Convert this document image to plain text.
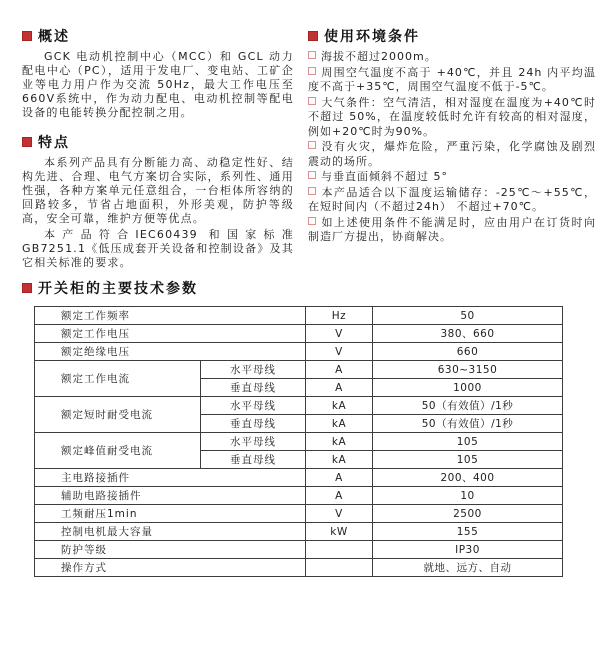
概述

GCK 电动机控制中心（MCC）和 GCL 动力配电中心（PC），适用于发电厂、变电站、工矿企业等电力用户作为交流 50Hz，最大工作电压至660V系统中，作为动力配电、电动机控制等配电设备的电能转换分配控制之用。

特点

本系列产品具有分断能力高、动稳定性好、结构先进、合理、电气方案切合实际，系列性、通用性强，各种方案单元任意组合，一台柜体所容纳的回路较多，节省占地面积，外形美观，防护等级高，安全可靠，维护方便等优点。

本产品符合IEC60439 和国家标准 GB7251.1《低压成套开关设备和控制设备》及其它相关标准的要求。

使用环境条件

海拔不超过2000m。

周围空气温度不高于 +40℃，并且 24h 内平均温度不高于+35℃，周围空气温度不低于-5℃。

大气条件：空气清洁，相对湿度在温度为+40℃时不超过 50%，在温度较低时允许有较高的相对湿度，例如+20℃时为90%。

没有火灾，爆炸危险，严重污染，化学腐蚀及剧烈震动的场所。

与垂直面倾斜不超过 5°

本产品适合以下温度运输储存：-25℃～+55℃，在短时间内（不超过24h） 不超过+70℃。

如上述使用条件不能满足时，应由用户在订货时向制造厂方提出，协商解决。

开关柜的主要技术参数
额定工作频率		Hz	50
额定工作电压		V	380、660
额定绝缘电压		V	660
额定工作电流	水平母线	A	630~3150
	垂直母线	A	1000
额定短时耐受电流	水平母线	kA	50（有效值）/1秒
	垂直母线	kA	50（有效值）/1秒
额定峰值耐受电流	水平母线	kA	105
	垂直母线	kA	105
主电路接插件		A	200、400
辅助电路接插件		A	10
工频耐压1min		V	2500
控制电机最大容量		kW	155
防护等级			IP30
操作方式			就地、远方、自动
